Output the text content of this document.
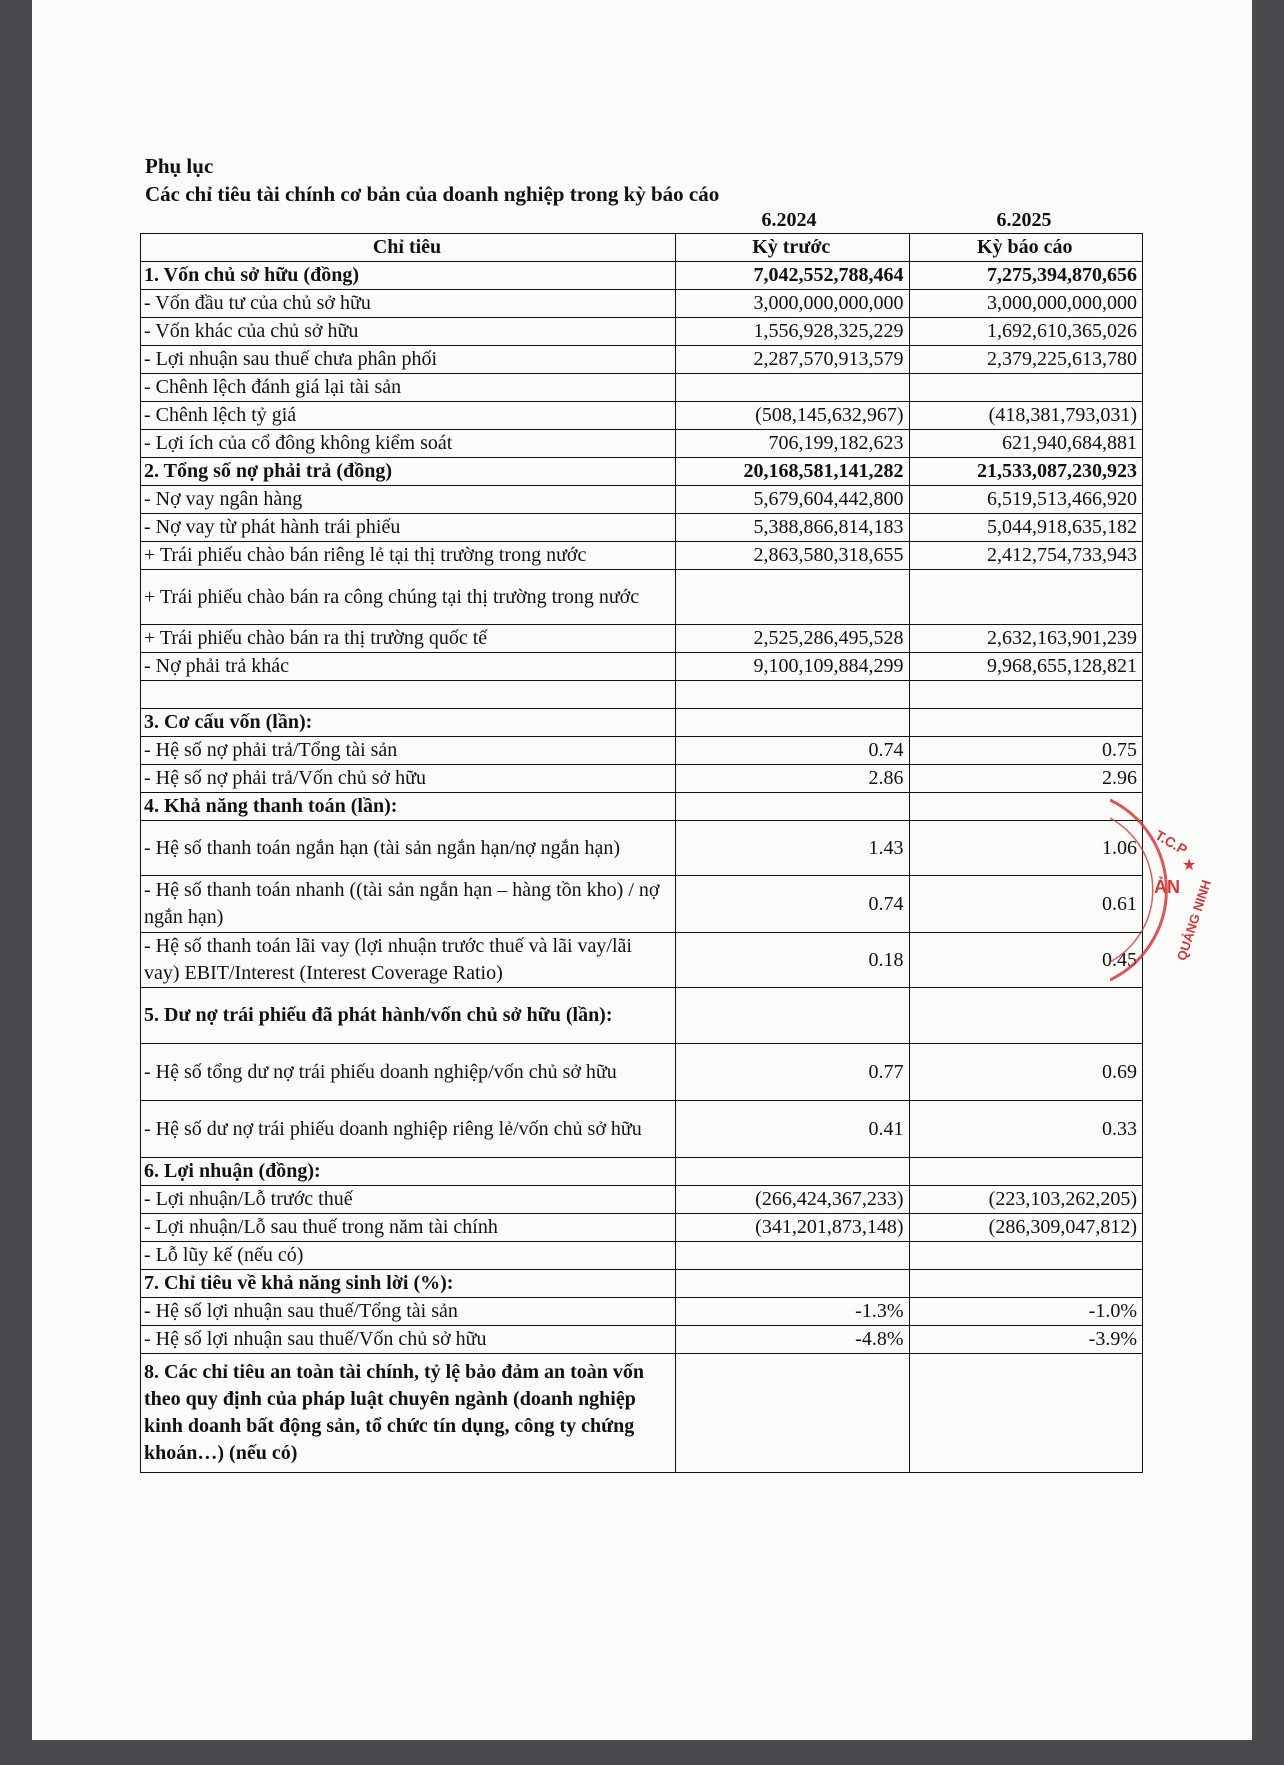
Phụ lục
Các chỉ tiêu tài chính cơ bản của doanh nghiệp trong kỳ báo cáo
6.2024	6.2025
Chỉ tiêu	Kỳ trước	Kỳ báo cáo
1. Vốn chủ sở hữu (đồng)	7,042,552,788,464	7,275,394,870,656
- Vốn đầu tư của chủ sở hữu	3,000,000,000,000	3,000,000,000,000
- Vốn khác của chủ sở hữu	1,556,928,325,229	1,692,610,365,026
- Lợi nhuận sau thuế chưa phân phối	2,287,570,913,579	2,379,225,613,780
- Chênh lệch đánh giá lại tài sản		
- Chênh lệch tỷ giá	(508,145,632,967)	(418,381,793,031)
- Lợi ích của cổ đông không kiểm soát	706,199,182,623	621,940,684,881
2. Tổng số nợ phải trả (đồng)	20,168,581,141,282	21,533,087,230,923
- Nợ vay ngân hàng	5,679,604,442,800	6,519,513,466,920
- Nợ vay từ phát hành trái phiếu	5,388,866,814,183	5,044,918,635,182
+ Trái phiếu chào bán riêng lẻ tại thị trường trong nước	2,863,580,318,655	2,412,754,733,943
+ Trái phiếu chào bán ra công chúng tại thị trường trong nước		
+ Trái phiếu chào bán ra thị trường quốc tế	2,525,286,495,528	2,632,163,901,239
- Nợ phải trả khác	9,100,109,884,299	9,968,655,128,821

3. Cơ cấu vốn (lần):		
- Hệ số nợ phải trả/Tổng tài sản	0.74	0.75
- Hệ số nợ phải trả/Vốn chủ sở hữu	2.86	2.96
4. Khả năng thanh toán (lần):		
- Hệ số thanh toán ngắn hạn (tài sản ngắn hạn/nợ ngắn hạn)	1.43	1.06
- Hệ số thanh toán nhanh ((tài sản ngắn hạn – hàng tồn kho) / nợ ngắn hạn)	0.74	0.61
- Hệ số thanh toán lãi vay (lợi nhuận trước thuế và lãi vay/lãi vay) EBIT/Interest (Interest Coverage Ratio)	0.18	0.45
5. Dư nợ trái phiếu đã phát hành/vốn chủ sở hữu (lần):		
- Hệ số tổng dư nợ trái phiếu doanh nghiệp/vốn chủ sở hữu	0.77	0.69
- Hệ số dư nợ trái phiếu doanh nghiệp riêng lẻ/vốn chủ sở hữu	0.41	0.33
6. Lợi nhuận (đồng):		
- Lợi nhuận/Lỗ trước thuế	(266,424,367,233)	(223,103,262,205)
- Lợi nhuận/Lỗ sau thuế trong năm tài chính	(341,201,873,148)	(286,309,047,812)
- Lỗ lũy kế (nếu có)		
7. Chỉ tiêu về khả năng sinh lời (%):		
- Hệ số lợi nhuận sau thuế/Tổng tài sản	-1.3%	-1.0%
- Hệ số lợi nhuận sau thuế/Vốn chủ sở hữu	-4.8%	-3.9%
8. Các chỉ tiêu an toàn tài chính, tỷ lệ bảo đảm an toàn vốn theo quy định của pháp luật chuyên ngành (doanh nghiệp kinh doanh bất động sản, tổ chức tín dụng, công ty chứng khoán…) (nếu có)		
T.C.P
★
ẢN
QUẢNG NINH
